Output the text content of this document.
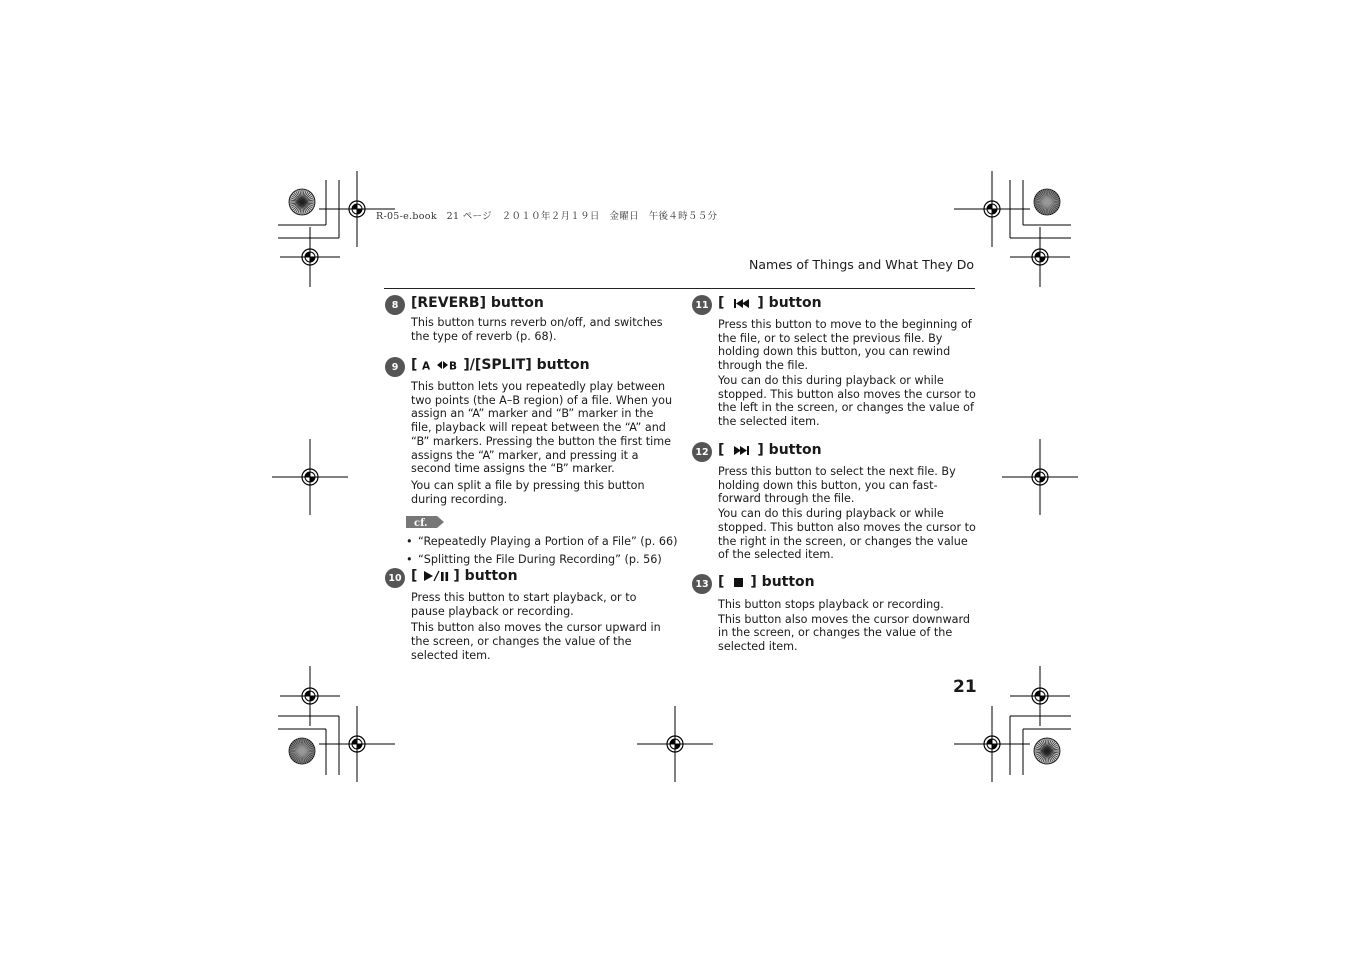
R-05-e.book　21 ページ　２０１０年２月１９日　金曜日　午後４時５５分
Names of Things and What They Do
8 [REVERB] button
This button turns reverb on/off, and switches the type of reverb (p. 68).
9 [ A B ]/[SPLIT] button
This button lets you repeatedly play between two points (the A–B region) of a file. When you assign an “A” marker and “B” marker in the file, playback will repeat between the “A” and “B” markers. Pressing the button the first time assigns the “A” marker, and pressing it a second time assigns the “B” marker.
You can split a file by pressing this button during recording.
cf.
• “Repeatedly Playing a Portion of a File” (p. 66)
• “Splitting the File During Recording” (p. 56)
10 [	] button
Press this button to start playback, or to pause playback or recording.
This button also moves the cursor upward in the screen, or changes the value of the selected item.
11 [ ] button
Press this button to move to the beginning of the file, or to select the previous file. By holding down this button, you can rewind through the file.
You can do this during playback or while stopped. This button also moves the cursor to the left in the screen, or changes the value of the selected item.
12 [ ] button
Press this button to select the next file. By holding down this button, you can fast-forward through the file.
You can do this during playback or while stopped. This button also moves the cursor to the right in the screen, or changes the value of the selected item.
13 [ ] button
This button stops playback or recording.
This button also moves the cursor downward in the screen, or changes the value of the selected item.
21
